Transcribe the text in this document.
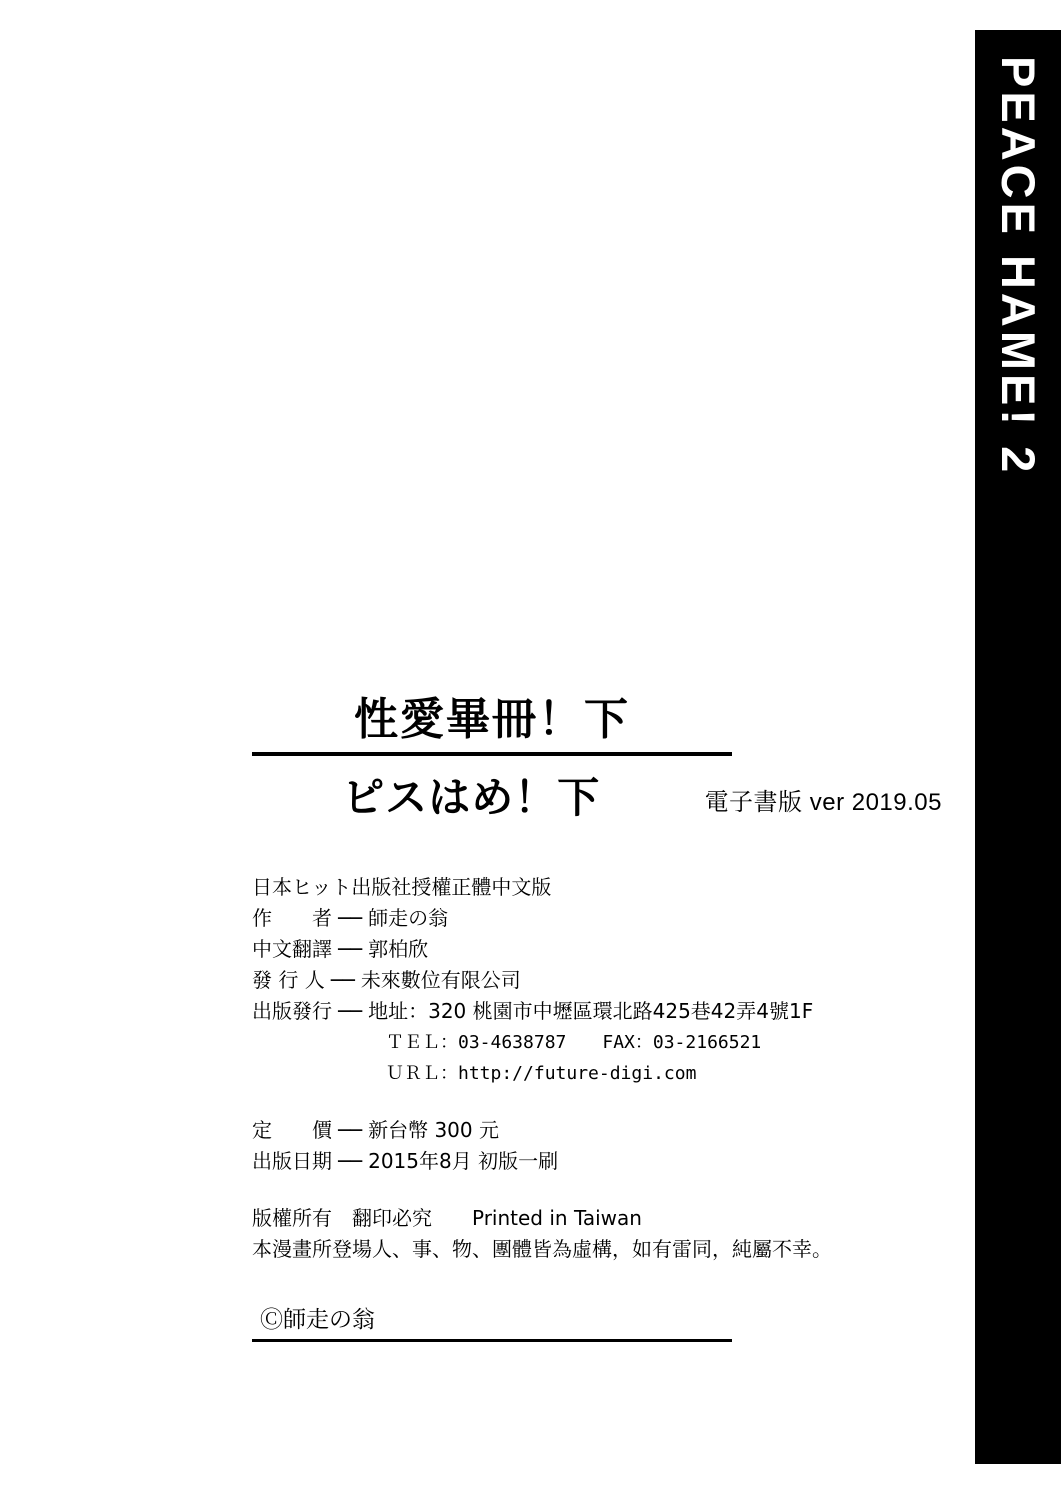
PEACE HAME! 2
性愛畢冊！下
ピスはめ！下	電子書版 ver 2019.05
日本ヒット出版社授權正體中文版
作　　者 ── 師走の翁
中文翻譯 ── 郭柏欣
發 行 人 ── 未來數位有限公司
出版發行 ── 地址：320 桃園市中壢區環北路425巷42弄4號1F
ＴＥＬ：03-4638787　　FAX：03-2166521
ＵＲＬ：http://future-digi.com
定　　價 ── 新台幣 300 元
出版日期 ── 2015年8月 初版一刷
版權所有　翻印必究　　Printed in Taiwan
本漫畫所登場人、事、物、團體皆為虛構，如有雷同，純屬不幸。
Ⓒ師走の翁
